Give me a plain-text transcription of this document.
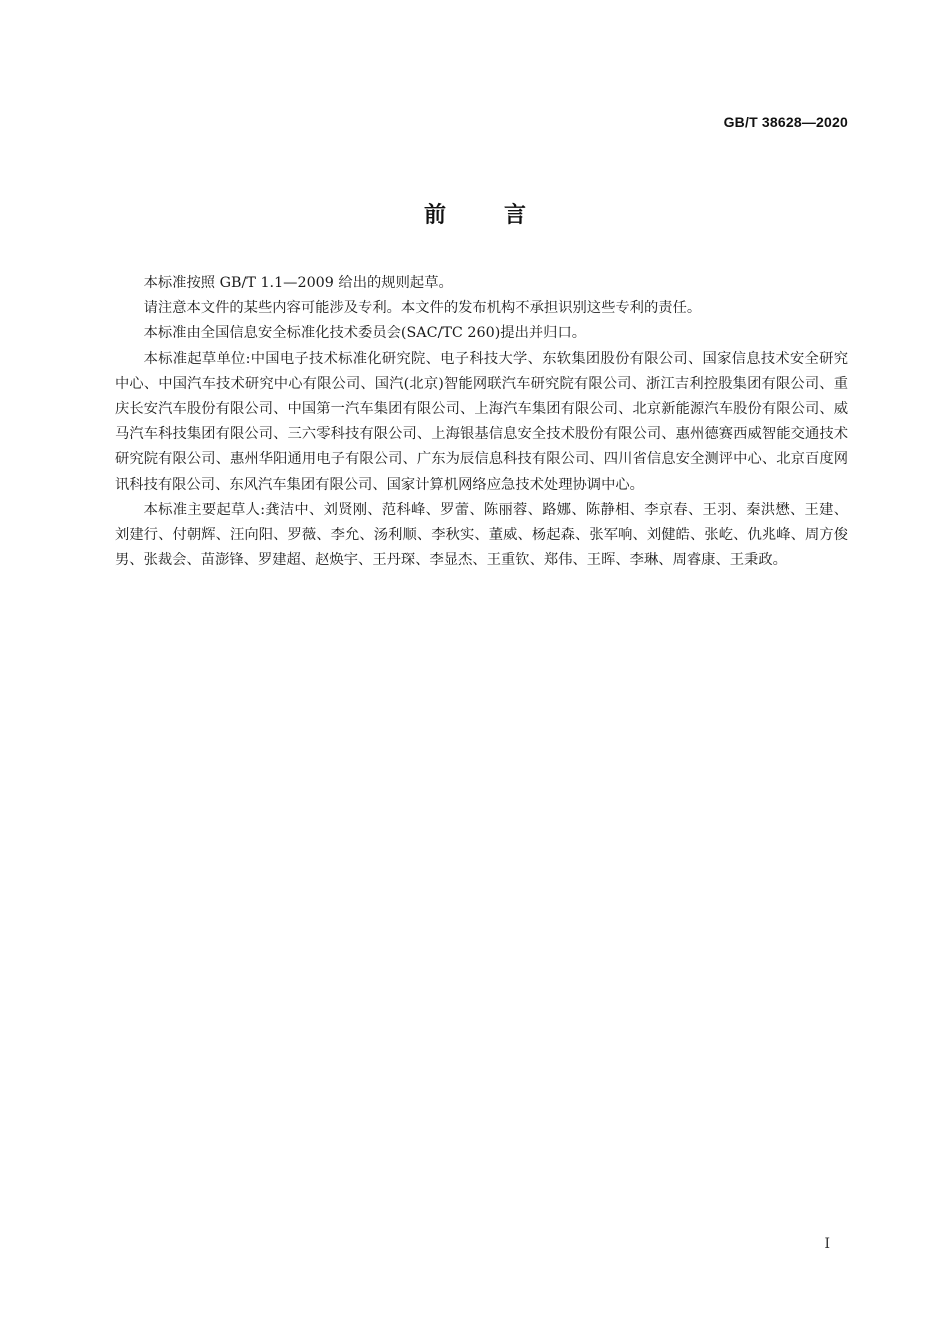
GB/T 38628—2020
前言

本标准按照 GB/T 1.1—2009 给出的规则起草。

请注意本文件的某些内容可能涉及专利。本文件的发布机构不承担识别这些专利的责任。

本标准由全国信息安全标准化技术委员会(SAC/TC 260)提出并归口。

本标准起草单位:中国电子技术标准化研究院、电子科技大学、东软集团股份有限公司、国家信息技术安全研究中心、中国汽车技术研究中心有限公司、国汽(北京)智能网联汽车研究院有限公司、浙江吉利控股集团有限公司、重庆长安汽车股份有限公司、中国第一汽车集团有限公司、上海汽车集团有限公司、北京新能源汽车股份有限公司、威马汽车科技集团有限公司、三六零科技有限公司、上海银基信息安全技术股份有限公司、惠州德赛西威智能交通技术研究院有限公司、惠州华阳通用电子有限公司、广东为辰信息科技有限公司、四川省信息安全测评中心、北京百度网讯科技有限公司、东风汽车集团有限公司、国家计算机网络应急技术处理协调中心。

本标准主要起草人:龚洁中、刘贤刚、范科峰、罗蕾、陈丽蓉、路娜、陈静相、李京春、王羽、秦洪懋、王建、刘建行、付朝辉、汪向阳、罗薇、李允、汤利顺、李秋实、董威、杨起森、张军响、刘健皓、张屹、仇兆峰、周方俊男、张裁会、苗澎锋、罗建超、赵焕宇、王丹琛、李显杰、王重钦、郑伟、王晖、李琳、周睿康、王秉政。

I
